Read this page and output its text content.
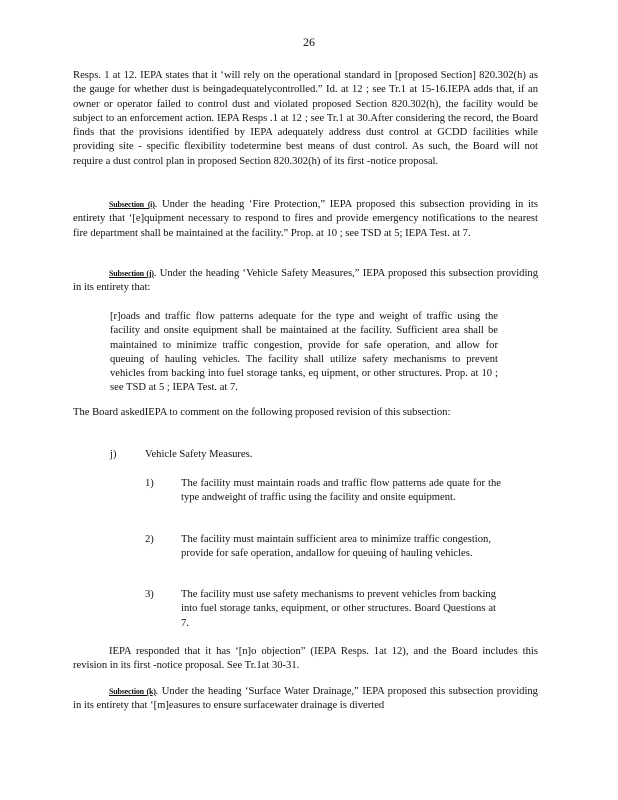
26

Resps. 1 at 12. IEPA states that it ‘will rely on the operational standard in [proposed Section] 820.302(h) as the gauge for whether dust is beingadequatelycontrolled.” Id. at 12 ; see Tr.1 at 15-16.IEPA adds that, if an owner or operator failed to control dust and violated proposed Section 820.302(h), the facility would be subject to an enforcement action. IEPA Resps .1 at 12 ; see Tr.1 at 30.After considering the record, the Board finds that the provisions identified by IEPA adequately address dust control at GCDD facilities while providing site - specific flexibility todetermine best means of dust control. As such, the Board will not require a dust control plan in proposed Section 820.302(h) of its first -notice proposal.

Subsection (i). Under the heading ‘Fire Protection,” IEPA proposed this subsection providing in its entirety that ‘[e]quipment necessary to respond to fires and provide emergency notifications to the nearest fire department shall be maintained at the facility.” Prop. at 10 ; see TSD at 5; IEPA Test. at 7.

Subsection (j). Under the heading ‘Vehicle Safety Measures,” IEPA proposed this subsection providing in its entirety that:

[r]oads and traffic flow patterns adequate for the type and weight of traffic using the facility and onsite equipment shall be maintained at the facility. Sufficient area shall be maintained to minimize traffic congestion, provide for safe operation, and allow for queuing of hauling vehicles. The facility shall utilize safety mechanisms to prevent vehicles from backing into fuel storage tanks, eq uipment, or other structures. Prop. at 10 ; see TSD at 5 ; IEPA Test. at 7.

The Board askedIEPA to comment on the following proposed revision of this subsection:

j)	Vehicle Safety Measures.
1)	The facility must maintain roads and traffic flow patterns ade quate for the type andweight of traffic using the facility and onsite equipment.

2)	The facility must maintain sufficient area to minimize traffic congestion, provide for safe operation, andallow for queuing of hauling vehicles.

3)	The facility must use safety mechanisms to prevent vehicles from backing into fuel storage tanks, equipment, or other structures. Board Questions at 7.

IEPA responded that it has ‘[n]o objection” (IEPA Resps. 1at 12), and the Board includes this revision in its first -notice proposal. See Tr.1at 30-31.

Subsection (k). Under the heading ‘Surface Water Drainage,” IEPA proposed this subsection providing in its entirety that ‘[m]easures to ensure surfacewater drainage is diverted
